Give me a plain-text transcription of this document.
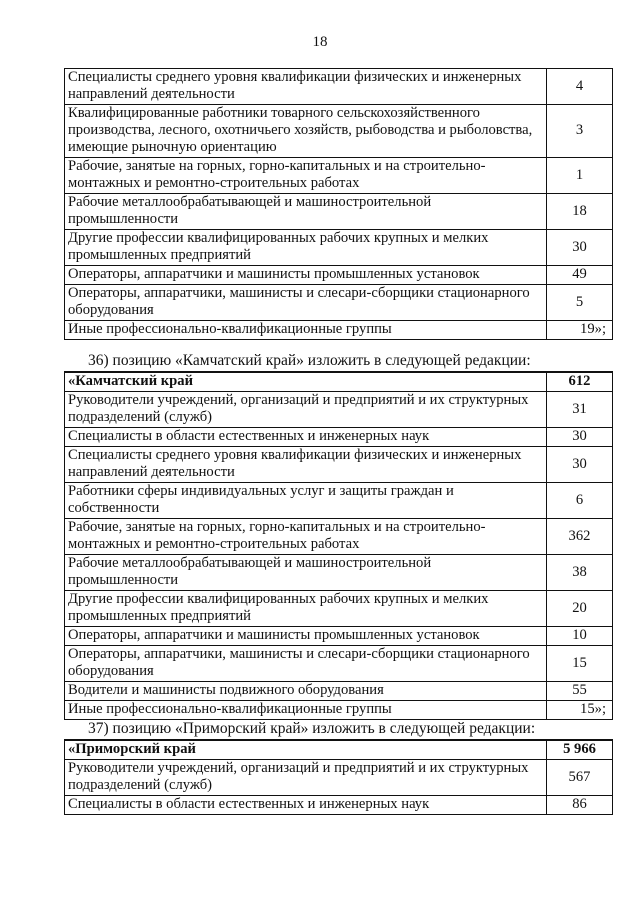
18
Специалисты среднего уровня квалификации физических и инженерных направлений деятельности	4
Квалифицированные работники товарного сельскохозяйственного производства, лесного, охотничьего хозяйств, рыбоводства и рыболовства, имеющие рыночную ориентацию	3
Рабочие, занятые на горных, горно-капитальных и на строительно-монтажных и ремонтно-строительных работах	1
Рабочие металлообрабатывающей и машиностроительной промышленности	18
Другие профессии квалифицированных рабочих крупных и мелких промышленных предприятий	30
Операторы, аппаратчики и машинисты промышленных установок	49
Операторы, аппаратчики, машинисты и слесари-сборщики стационарного оборудования	5
Иные профессионально-квалификационные группы	19»;
36) позицию «Камчатский край» изложить в следующей редакции:
«Камчатский край	612
Руководители учреждений, организаций и предприятий и их структурных подразделений (служб)	31
Специалисты в области естественных и инженерных наук	30
Специалисты среднего уровня квалификации физических и инженерных направлений деятельности	30
Работники сферы индивидуальных услуг и защиты граждан и собственности	6
Рабочие, занятые на горных, горно-капитальных и на строительно-монтажных и ремонтно-строительных работах	362
Рабочие металлообрабатывающей и машиностроительной промышленности	38
Другие профессии квалифицированных рабочих крупных и мелких промышленных предприятий	20
Операторы, аппаратчики и машинисты промышленных установок	10
Операторы, аппаратчики, машинисты и слесари-сборщики стационарного оборудования	15
Водители и машинисты подвижного оборудования	55
Иные профессионально-квалификационные группы	15»;
37) позицию «Приморский край» изложить в следующей редакции:
«Приморский край	5 966
Руководители учреждений, организаций и предприятий и их структурных подразделений (служб)	567
Специалисты в области естественных и инженерных наук	86
